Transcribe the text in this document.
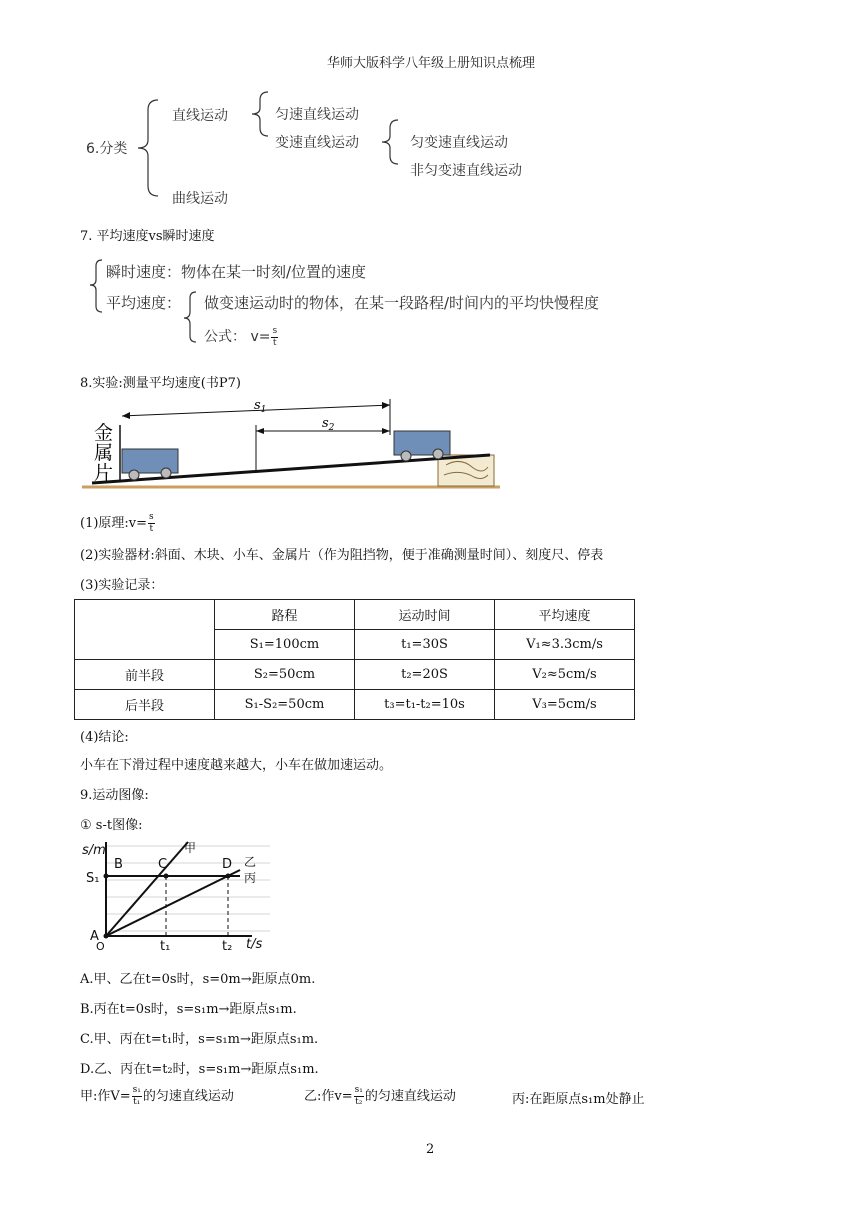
华师大版科学八年级上册知识点梳理
6.分类
直线运动	匀速直线运动
变速直线运动	匀变速直线运动
非匀变速直线运动
曲线运动
7. 平均速度vs瞬时速度
瞬时速度：物体在某一时刻/位置的速度
平均速度： 做变速运动时的物体，在某一段路程/时间内的平均快慢程度
公式： $v= \frac{s}{t}$
8.实验:测量平均速度(书P7)
$s_1$
$s_2$
金
属
片
(1)原理:v= $\frac{s}{t}$
(2)实验器材:斜面、木块、小车、金属片（作为阻挡物，便于准确测量时间）、刻度尺、停表
(3)实验记录：
	路程	运动时间	平均速度
	S₁=100cm	t₁=30S	V₁≈3.3cm/s
前半段	S₂=50cm	t₂=20S	V₂≈5cm/s
后半段	S₁-S₂=50cm	t₃=t₁-t₂=10s	V₃=5cm/s
(4)结论:
小车在下滑过程中速度越来越大，小车在做加速运动。
9.运动图像:
① s-t图像:
s/m
B	C	D
S₁
A
O	t₁	t₂ t/s
甲
乙
丙
A.甲、乙在t=0s时，s=0m→距原点0m.
B.丙在t=0s时，s=s₁m→距原点s₁m.
C.甲、丙在t=t₁时，s=s₁m→距原点s₁m.
D.乙、丙在t=t₂时，s=s₁m→距原点s₁m.
甲:作$V= \frac{\text{s₁}}{\text{t₁}}$ 的匀速直线运动	乙:作$v= \frac{\text{s₁}}{\text{t₂}}$ 的匀速直线运动	丙:在距原点s₁m处静止
2
